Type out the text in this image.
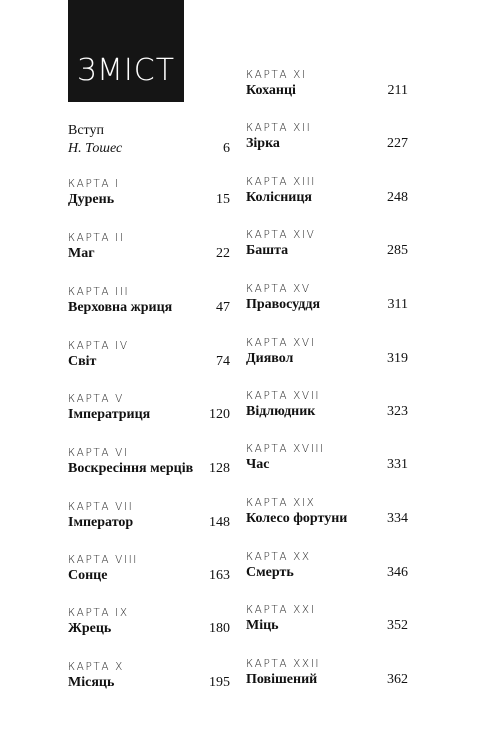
ЗМІСТ
Вступ
Н. Тошес	6
КАРТА І
Дурень	15
КАРТА ІІ
Маг	22
КАРТА ІІІ
Верховна жриця	47
КАРТА ІV
Світ	74
КАРТА V
Імператриця	120
КАРТА VІ
Воскресіння мерців 128
КАРТА VІІ
Імператор	148
КАРТА VІІІ
Сонце	163
КАРТА ІХ
Жрець	180
КАРТА Х
Місяць	195
КАРТА ХІ
Коханці	211
КАРТА ХІІ
Зірка	227
КАРТА ХІІІ
Колісниця	248
КАРТА ХІV
Башта	285
КАРТА ХV
Правосуддя	311
КАРТА ХVІ
Диявол	319
КАРТА ХVІІ
Відлюдник	323
КАРТА ХVІІІ
Час	331
КАРТА ХІХ
Колесо фортуни	334
КАРТА ХХ
Смерть	346
КАРТА ХХІ
Міць	352
КАРТА ХХІІ
Повішений	362
